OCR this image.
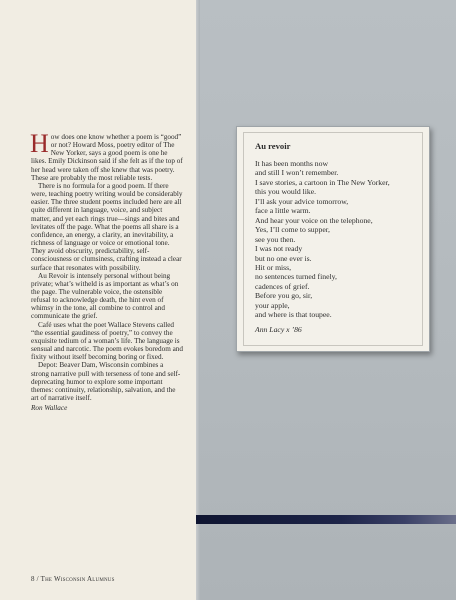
How does one know whether a poem is “good” or not? Howard Moss, poetry editor of The New Yorker, says a good poem is one he likes. Emily Dickinson said if she felt as if the top of her head were taken off she knew that was poetry. These are probably the most reliable tests.

There is no formula for a good poem. If there were, teaching poetry writing would be considerably easier. The three student poems included here are all quite different in language, voice, and subject matter, and yet each rings true—sings and bites and levitates off the page. What the poems all share is a confidence, an energy, a clarity, an inevitability, a richness of language or voice or emotional tone. They avoid obscurity, predictability, self-consciousness or clumsiness, crafting instead a clear surface that resonates with possibility.

Au Revoir is intensely personal without being private; what’s witheld is as important as what’s on the page. The vulnerable voice, the ostensible refusal to acknowledge death, the hint even of whimsy in the tone, all combine to control and communicate the grief.

Café uses what the poet Wallace Stevens called “the essential gaudiness of poetry,” to convey the exquisite tedium of a woman’s life. The language is sensual and narcotic. The poem evokes boredom and fixity without itself becoming boring or fixed.

Depot: Beaver Dam, Wisconsin combines a strong narrative pull with terseness of tone and self-deprecating humor to explore some important themes: continuity, relationship, salvation, and the art of narrative itself.

Ron Wallace

8 / The Wisconsin Alumnus
Au revoir
It has been months now
and still I won’t remember.
I save stories, a cartoon in The New Yorker,
this you would like.
I’ll ask your advice tomorrow,
face a little warm.
And hear your voice on the telephone,
Yes, I’ll come to supper,
see you then.
I was not ready
but no one ever is.
Hit or miss,
no sentences turned finely,
cadences of grief.
Before you go, sir,
your apple,
and where is that toupee.
Ann Lacy x ’86
